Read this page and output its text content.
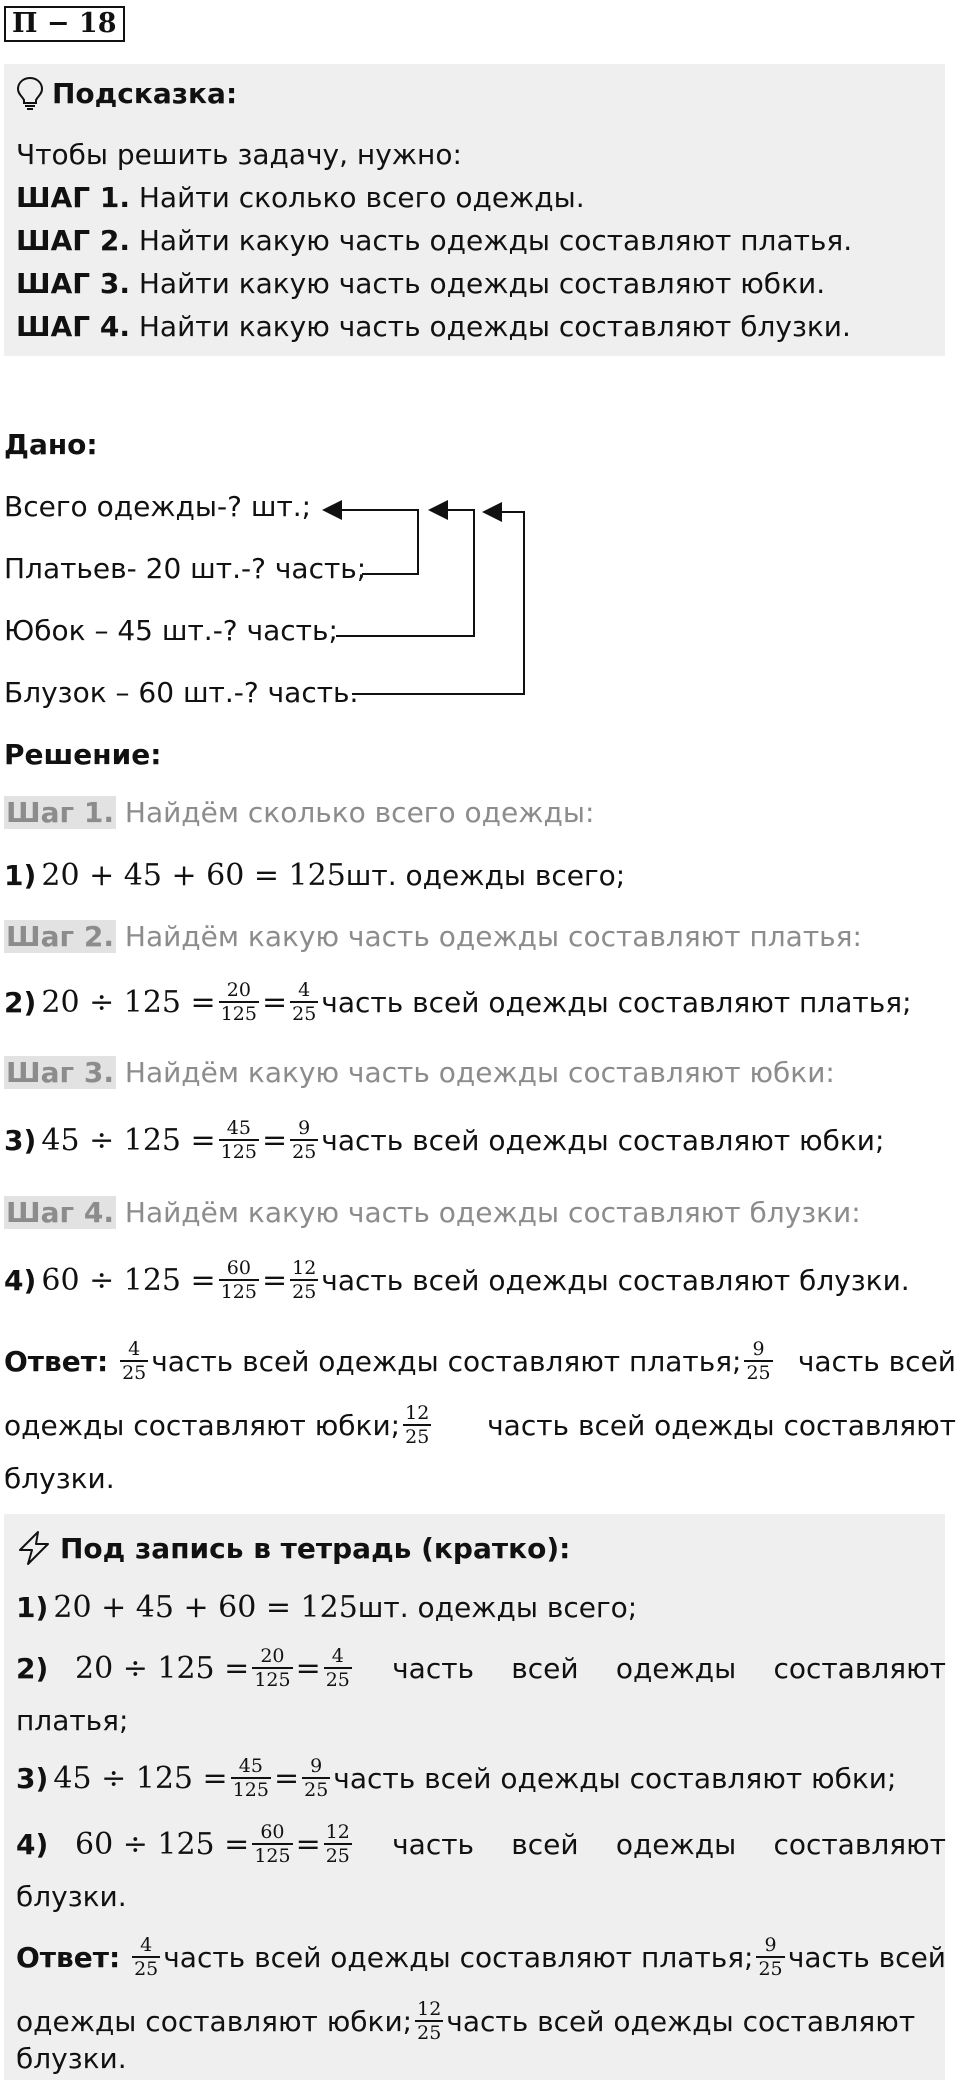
П − 18
Подсказка:
Чтобы решить задачу, нужно:
ШАГ 1. Найти сколько всего одежды.
ШАГ 2. Найти какую часть одежды составляют платья.
ШАГ 3. Найти какую часть одежды составляют юбки.
ШАГ 4. Найти какую часть одежды составляют блузки.
Дано:
Всего одежды-? шт.;
Платьев- 20 шт.-? часть;
Юбок – 45 шт.-? часть;
Блузок – 60 шт.-? часть.
Решение:
Шаг 1. Найдём сколько всего одежды:
1)
20 + 45 + 60 = 125 шт. одежды всего;
Шаг 2. Найдём какую часть одежды составляют платья:
2)
$20 \div 125 = \frac{20}{125} = \frac{4}{25}$ часть всей одежды составляют платья;
Шаг 3. Найдём какую часть одежды составляют юбки:
3)
$45 \div 125 = \frac{45}{125} = \frac{9}{25}$ часть всей одежды составляют юбки;
Шаг 4. Найдём какую часть одежды составляют блузки:
4)
$60 \div 125 = \frac{60}{125} = \frac{12}{25}$ часть всей одежды составляют блузки.
Ответ:
$\frac{4}{25}$ часть всей одежды составляют платья; $\frac{9}{25}$ часть всей
одежды составляют юбки; $\frac{12}{25}$ часть всей одежды составляют
блузки.
Под запись в тетрадь (кратко):
1)
20 + 45 + 60 = 125 шт. одежды всего;
2)
$20 \div 125 = \frac{20}{125} = \frac{4}{25}$ часть всей одежды составляют
платья;
3)
$45 \div 125 = \frac{45}{125} = \frac{9}{25}$ часть всей одежды составляют юбки;
4)
$60 \div 125 = \frac{60}{125} = \frac{12}{25}$ часть всей одежды составляют
блузки.
Ответ:
$\frac{4}{25}$ часть всей одежды составляют платья; $\frac{9}{25}$ часть всей
одежды составляют юбки; $\frac{12}{25}$ часть всей одежды составляют
блузки.
